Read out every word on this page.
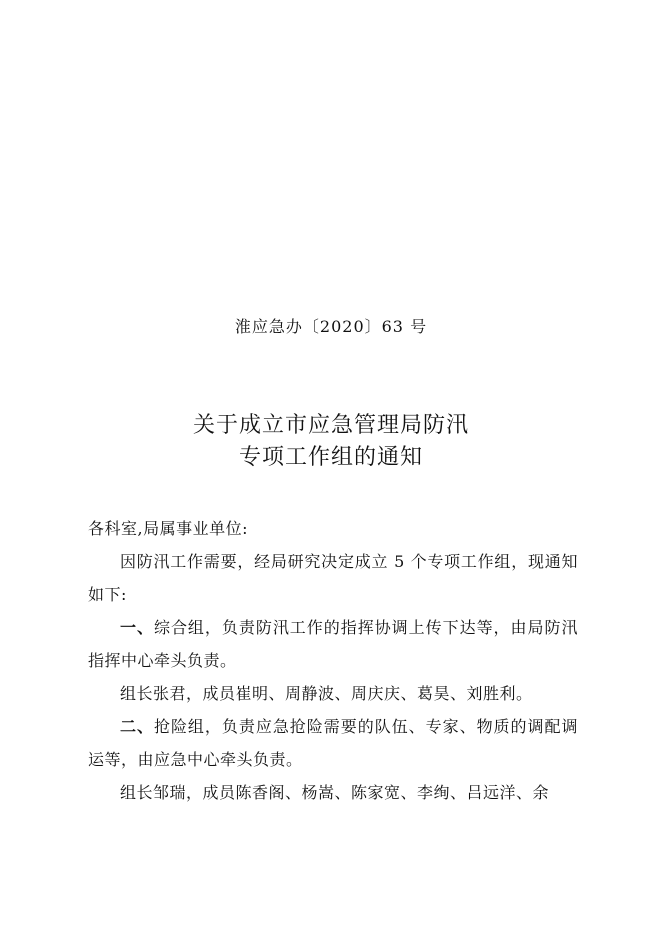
淮应急办〔2020〕63 号

关于成立市应急管理局防汛
专项工作组的通知

各科室,局属事业单位:

因防汛工作需要，经局研究决定成立 5 个专项工作组，现通知如下:

一、综合组，负责防汛工作的指挥协调上传下达等，由局防汛指挥中心牵头负责。

组长张君，成员崔明、周静波、周庆庆、葛昊、刘胜利。

二、抢险组，负责应急抢险需要的队伍、专家、物质的调配调运等，由应急中心牵头负责。

组长邹瑞，成员陈香阁、杨嵩、陈家宽、李绚、吕远洋、余
